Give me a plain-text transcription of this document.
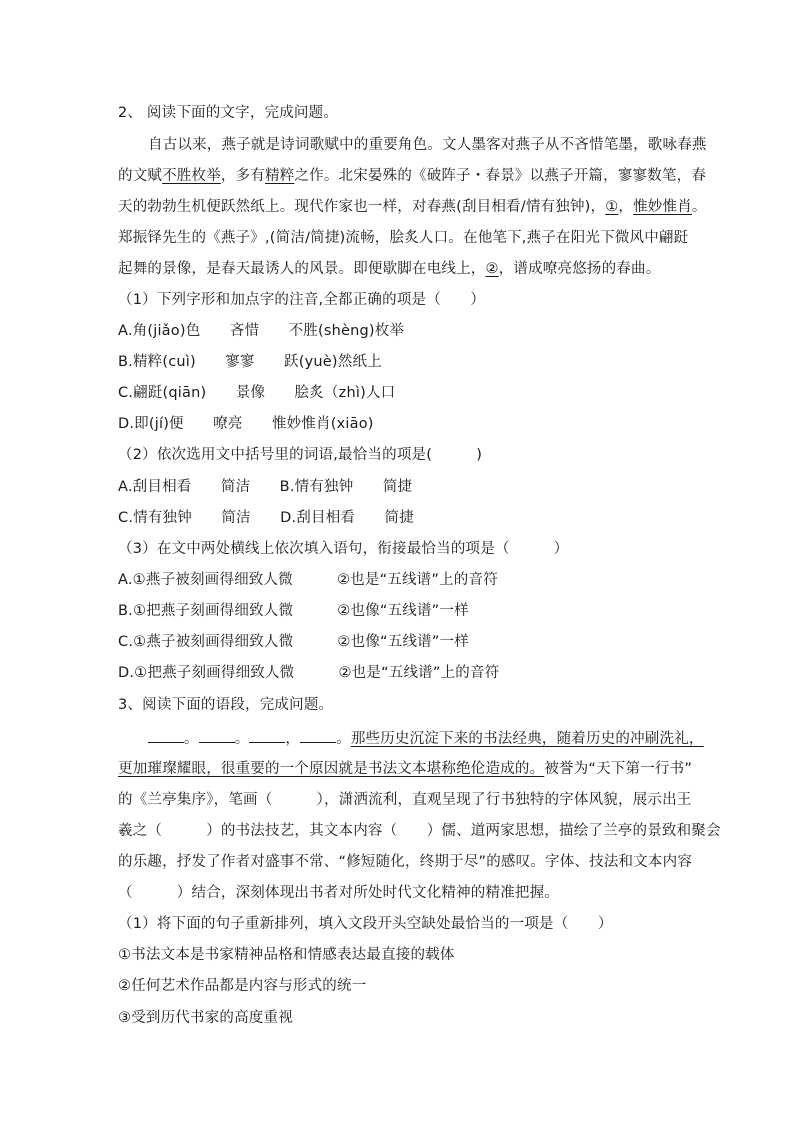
2、 阅读下面的文字，完成问题。
自古以来，燕子就是诗词歌赋中的重要角色。文人墨客对燕子从不吝惜笔墨，歌咏春燕
的文赋不胜枚举，多有精粹之作。北宋晏殊的《破阵子・春景》以燕子开篇，寥寥数笔，春
天的勃勃生机便跃然纸上。现代作家也一样，对春燕(刮目相看/情有独钟)，①，惟妙惟肖。
郑振铎先生的《燕子》,(简洁/简捷)流畅，脍炙人口。在他笔下,燕子在阳光下微风中翩跹
起舞的景像，是春天最诱人的风景。即便歇脚在电线上，②，谱成嘹亮悠扬的春曲。
（1）下列字形和加点字的注音,全都正确的项是（　　）
A.角(jiǎo)色　　吝惜　　不胜(shèng)枚举
B.精粹(cuì)　　寥寥　　跃(yuè)然纸上
C.翩跹(qiān)　　景像　　脍炙（zhì)人口
D.即(jí)便　　嘹亮　　惟妙惟肖(xiāo)
（2）依次选用文中括号里的词语,最恰当的项是(　　　)
A.刮目相看　　简洁　　B.情有独钟　　简捷
C.情有独钟　　简洁　　D.刮目相看　　简捷
（3）在文中两处横线上依次填入语句，衔接最恰当的项是（　　　）
A.①燕子被刻画得细致人微　　　②也是“五线谱”上的音符
B.①把燕子刻画得细致人微　　　②也像“五线谱”一样
C.①燕子被刻画得细致人微　　　②也像“五线谱”一样
D.①把燕子刻画得细致人微　　　②也是“五线谱”上的音符
3、阅读下面的语段，完成问题。
。 。 ， 。那些历史沉淀下来的书法经典，随着历史的冲刷洗礼，
更加璀璨耀眼，很重要的一个原因就是书法文本堪称绝伦造成的。被誉为“天下第一行书”
的《兰亭集序》，笔画（　　　），潇洒流利，直观呈现了行书独特的字体风貌，展示出王
羲之（　　　）的书法技艺，其文本内容（　　）儒、道两家思想，描绘了兰亭的景致和聚会
的乐趣，抒发了作者对盛事不常、“修短随化，终期于尽”的感叹。字体、技法和文本内容
（　　　）结合，深刻体现出书者对所处时代文化精神的精准把握。
（1）将下面的句子重新排列，填入文段开头空缺处最恰当的一项是（　　）
①书法文本是书家精神品格和情感表达最直接的载体
②任何艺术作品都是内容与形式的统一
③受到历代书家的高度重视
